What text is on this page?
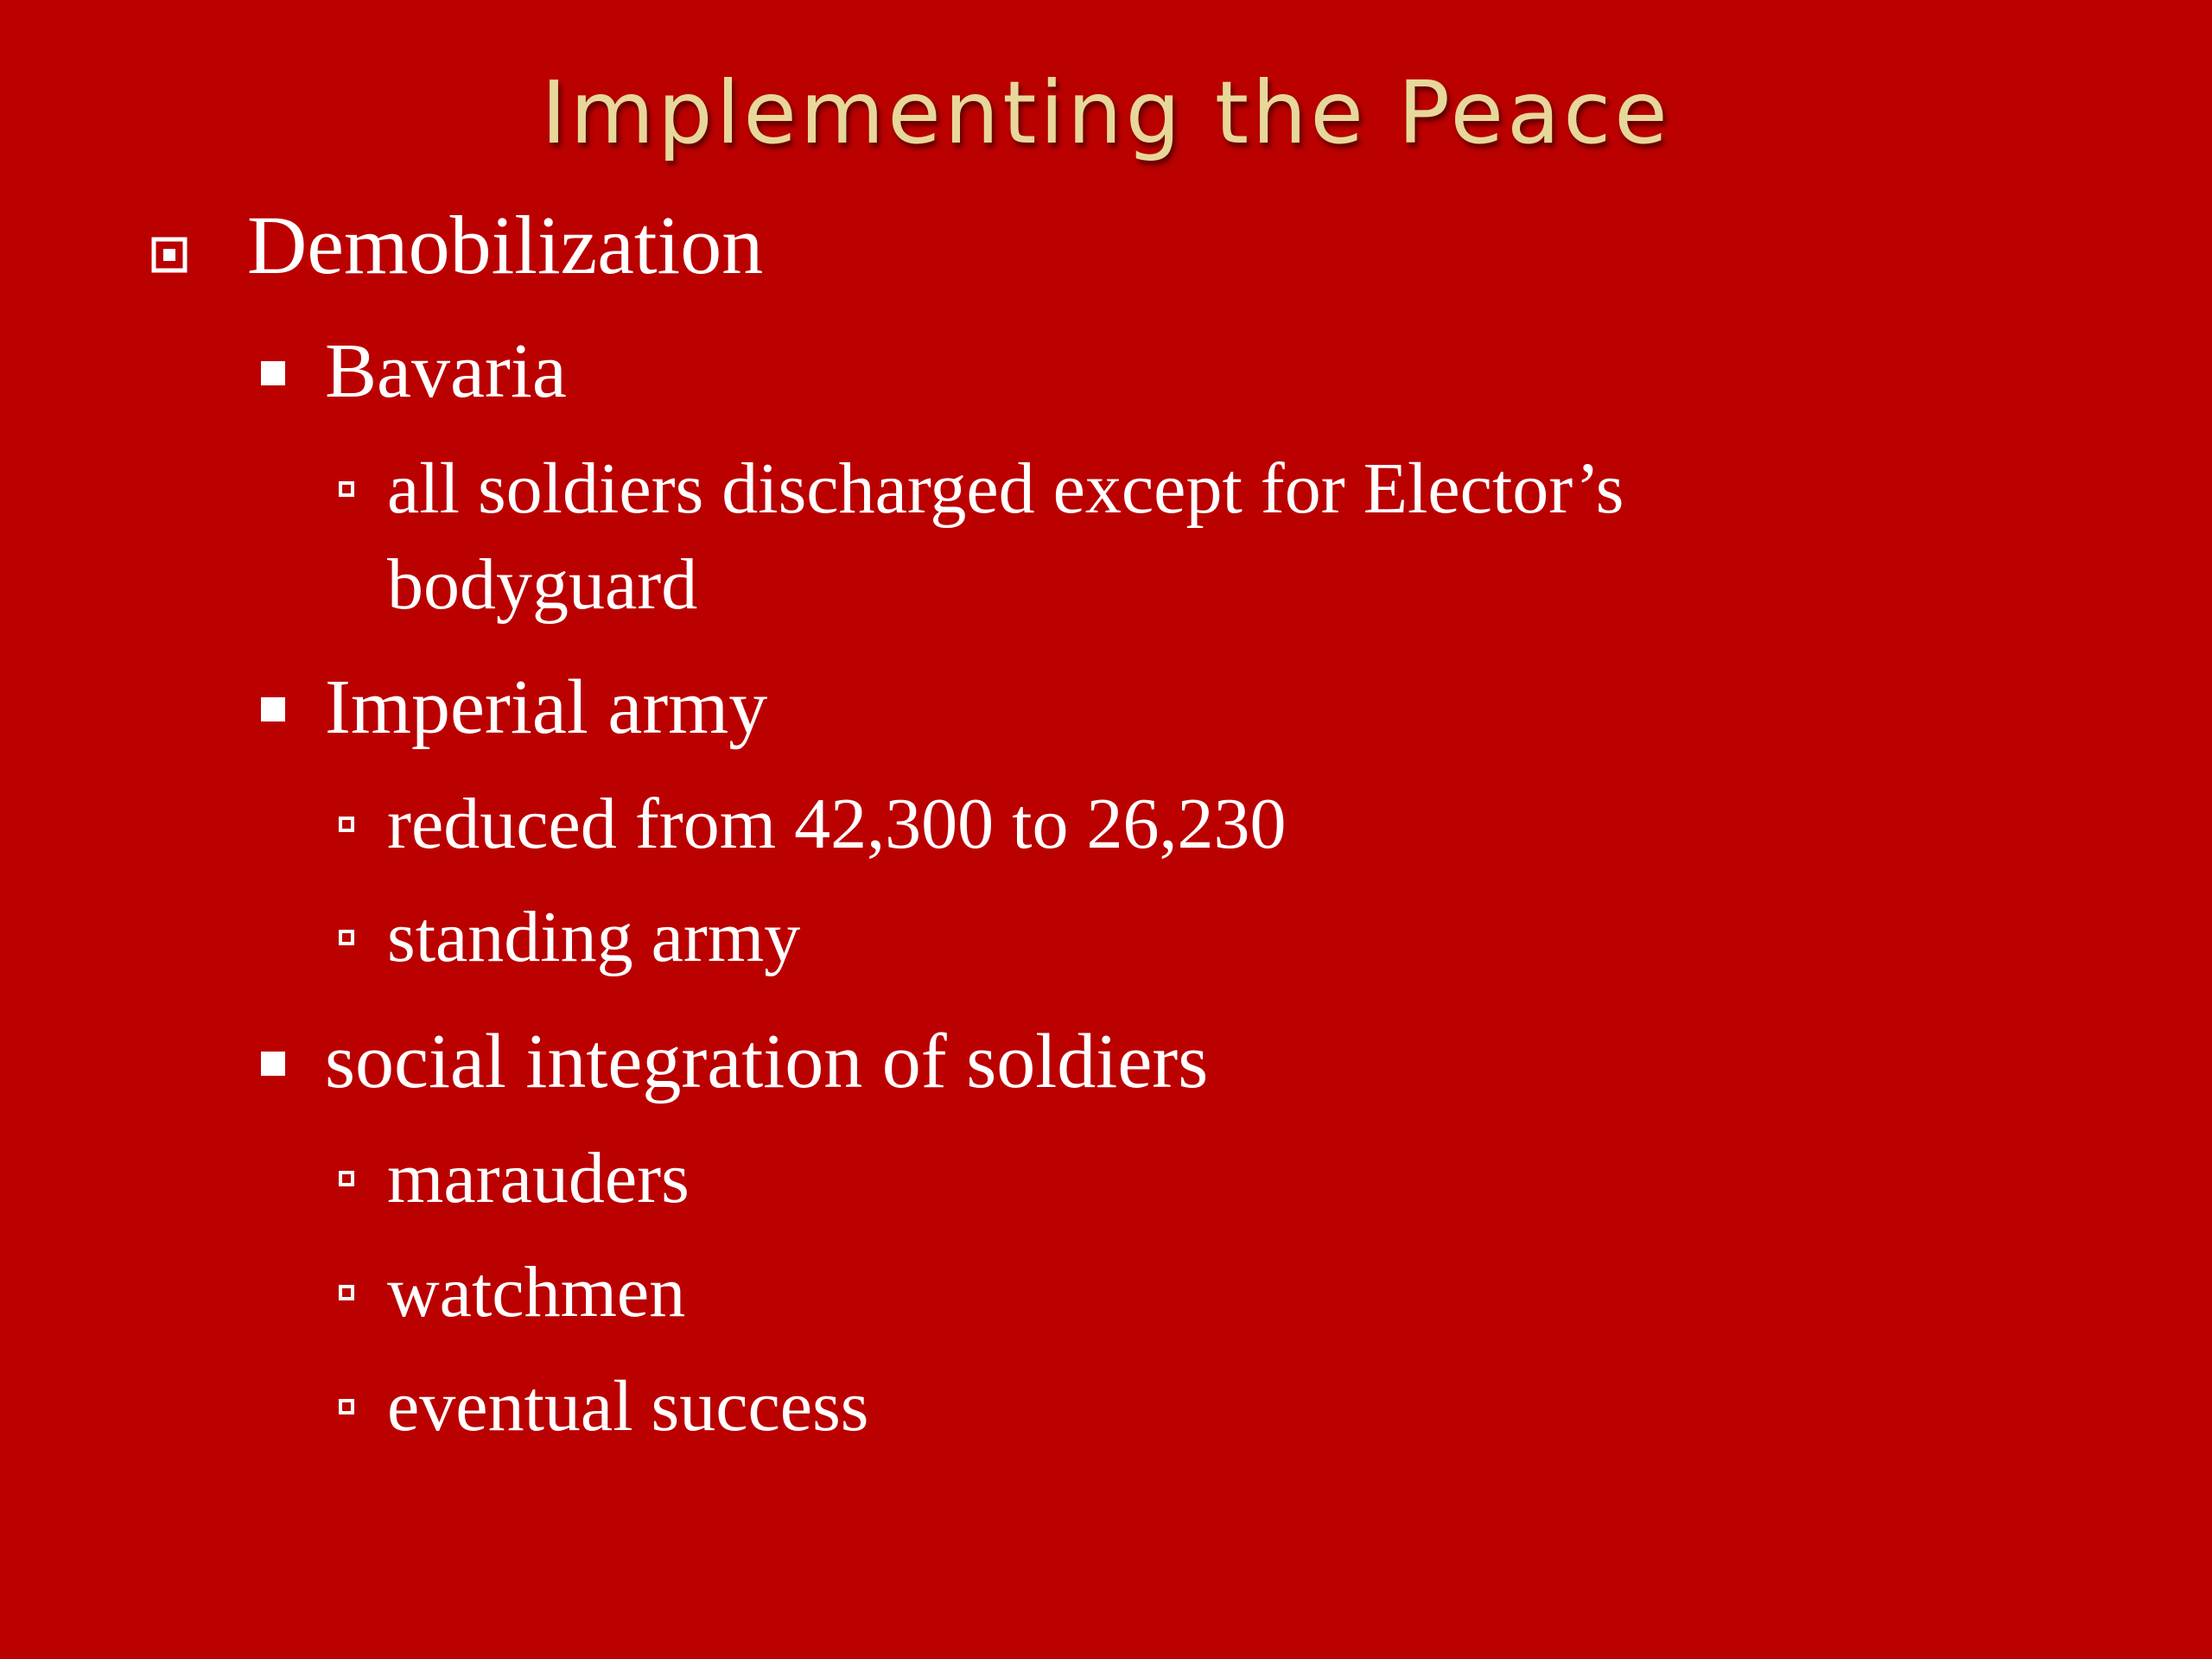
Implementing the Peace
Demobilization
Bavaria
all soldiers discharged except for Elector’s
bodyguard
Imperial army
reduced from 42,300 to 26,230
standing army
social integration of soldiers
marauders
watchmen
eventual success
